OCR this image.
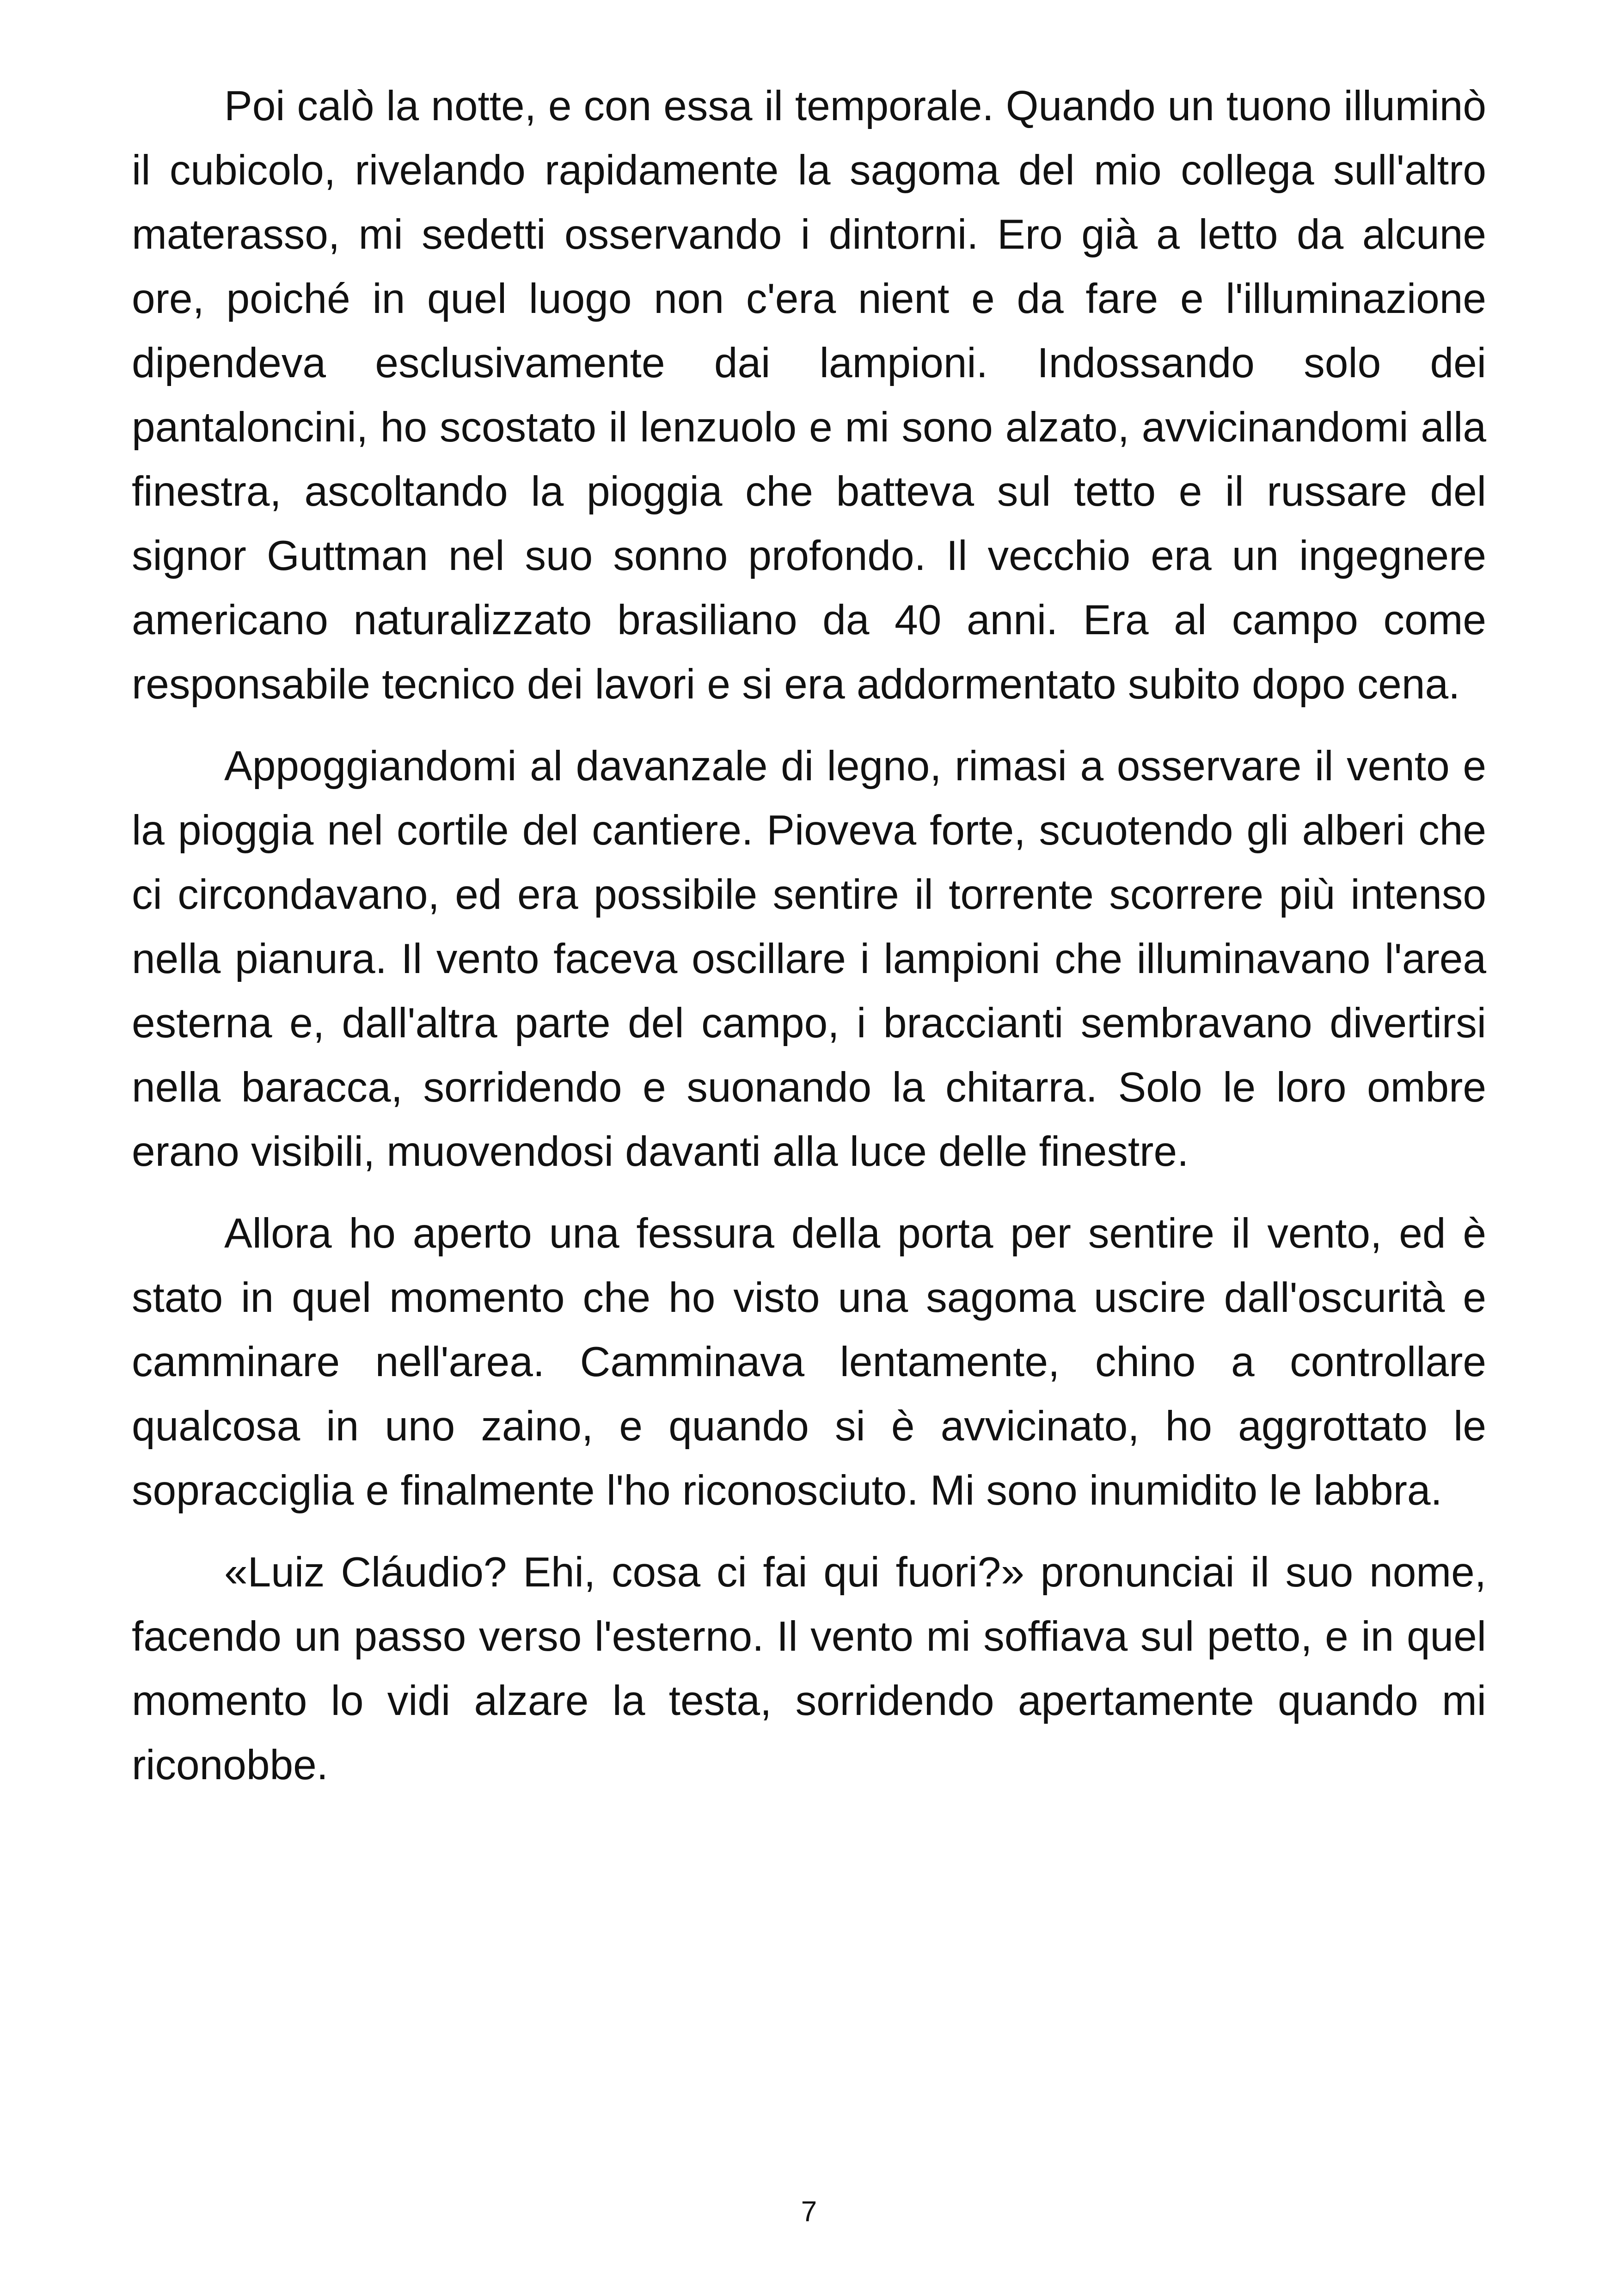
Poi calò la notte, e con essa il temporale. Quando un tuono illuminò il cubicolo, rivelando rapidamente la sagoma del mio collega sull'altro materasso, mi sedetti osservando i dintorni. Ero già a letto da alcune ore, poiché in quel luogo non c'era nient e da fare e l'illuminazione dipendeva esclusivamente dai lampioni. Indossando solo dei pantaloncini, ho scostato il lenzuolo e mi sono alzato, avvicinandomi alla finestra, ascoltando la pioggia che batteva sul tetto e il russare del signor Guttman nel suo sonno profondo. Il vecchio era un ingegnere americano naturalizzato brasiliano da 40 anni. Era al campo come responsabile tecnico dei lavori e si era addormentato subito dopo cena.

Appoggiandomi al davanzale di legno, rimasi a osservare il vento e la pioggia nel cortile del cantiere. Pioveva forte, scuotendo gli alberi che ci circondavano, ed era possibile sentire il torrente scorrere più intenso nella pianura. Il vento faceva oscillare i lampioni che illuminavano l'area esterna e, dall'altra parte del campo, i braccianti sembravano divertirsi nella baracca, sorridendo e suonando la chitarra. Solo le loro ombre erano visibili, muovendosi davanti alla luce delle finestre.

Allora ho aperto una fessura della porta per sentire il vento, ed è stato in quel momento che ho visto una sagoma uscire dall'oscurità e camminare nell'area. Camminava lentamente, chino a controllare qualcosa in uno zaino, e quando si è avvicinato, ho aggrottato le sopracciglia e finalmente l'ho riconosciuto. Mi sono inumidito le labbra.

«Luiz Cláudio? Ehi, cosa ci fai qui fuori?» pronunciai il suo nome, facendo un passo verso l'esterno. Il vento mi soffiava sul petto, e in quel momento lo vidi alzare la testa, sorridendo apertamente quando mi riconobbe.

7
